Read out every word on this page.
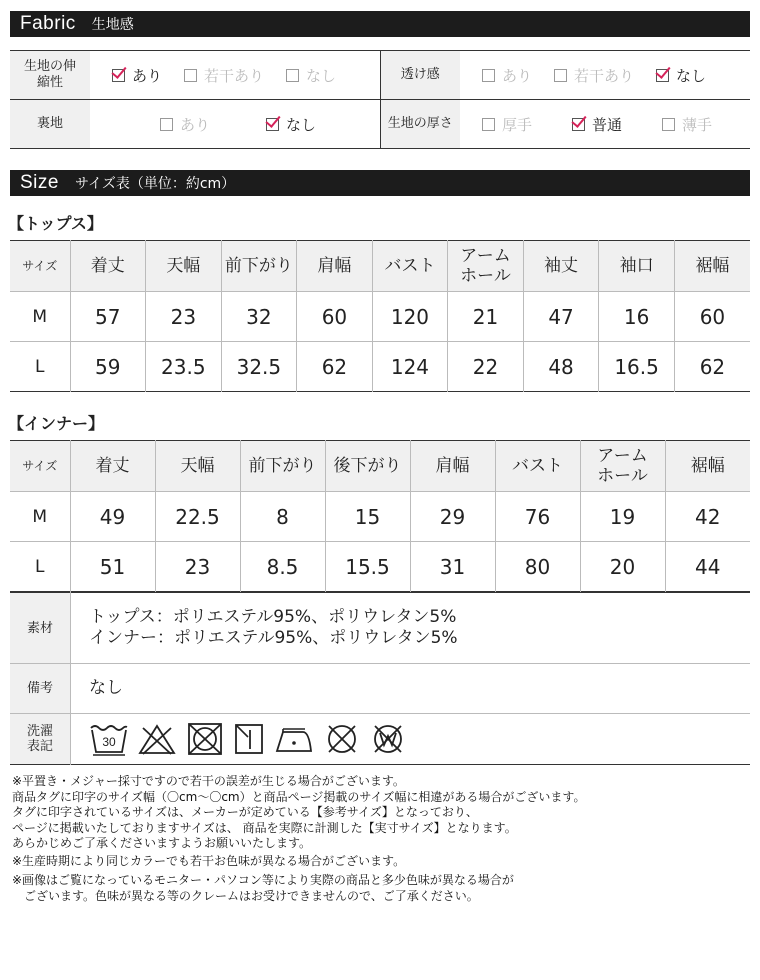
Fabric 生地感
生地の伸縮性	あり 若干あり なし	透け感	あり 若干あり なし

裏地	あり なし	生地の厚さ	厚手 普通 薄手
Size サイズ表（単位：約cm）
【トップス】
サイズ	着丈	天幅	前下がり	肩幅	バスト	アームホール	袖丈	袖口	裾幅
M	57	23	32	60	120	21	47	16	60
L	59	23.5	32.5	62	124	22	48	16.5	62
【インナー】
サイズ	着丈	天幅	前下がり	後下がり	肩幅	バスト	アームホール	裾幅
M	49	22.5	8	15	29	76	19	42
L	51	23	8.5	15.5	31	80	20	44
素材	トップス：ポリエステル95%、ポリウレタン5%
インナー：ポリエステル95%、ポリウレタン5%

備考	なし

洗濯表記	30
※平置き・メジャー採寸ですので若干の誤差が生じる場合がございます。
商品タグに印字のサイズ幅（〇cm〜〇cm）と商品ページ掲載のサイズ幅に相違がある場合がございます。
タグに印字されているサイズは、メーカーが定めている【参考サイズ】となっており、
ページに掲載いたしておりますサイズは、 商品を実際に計測した【実寸サイズ】となります。
あらかじめご了承くださいますようお願いいたします。
※生産時期により同じカラーでも若干お色味が異なる場合がございます。
※画像はご覧になっているモニター・パソコン等により実際の商品と多少色味が異なる場合が
　ございます。色味が異なる等のクレームはお受けできませんので、ご了承ください。
